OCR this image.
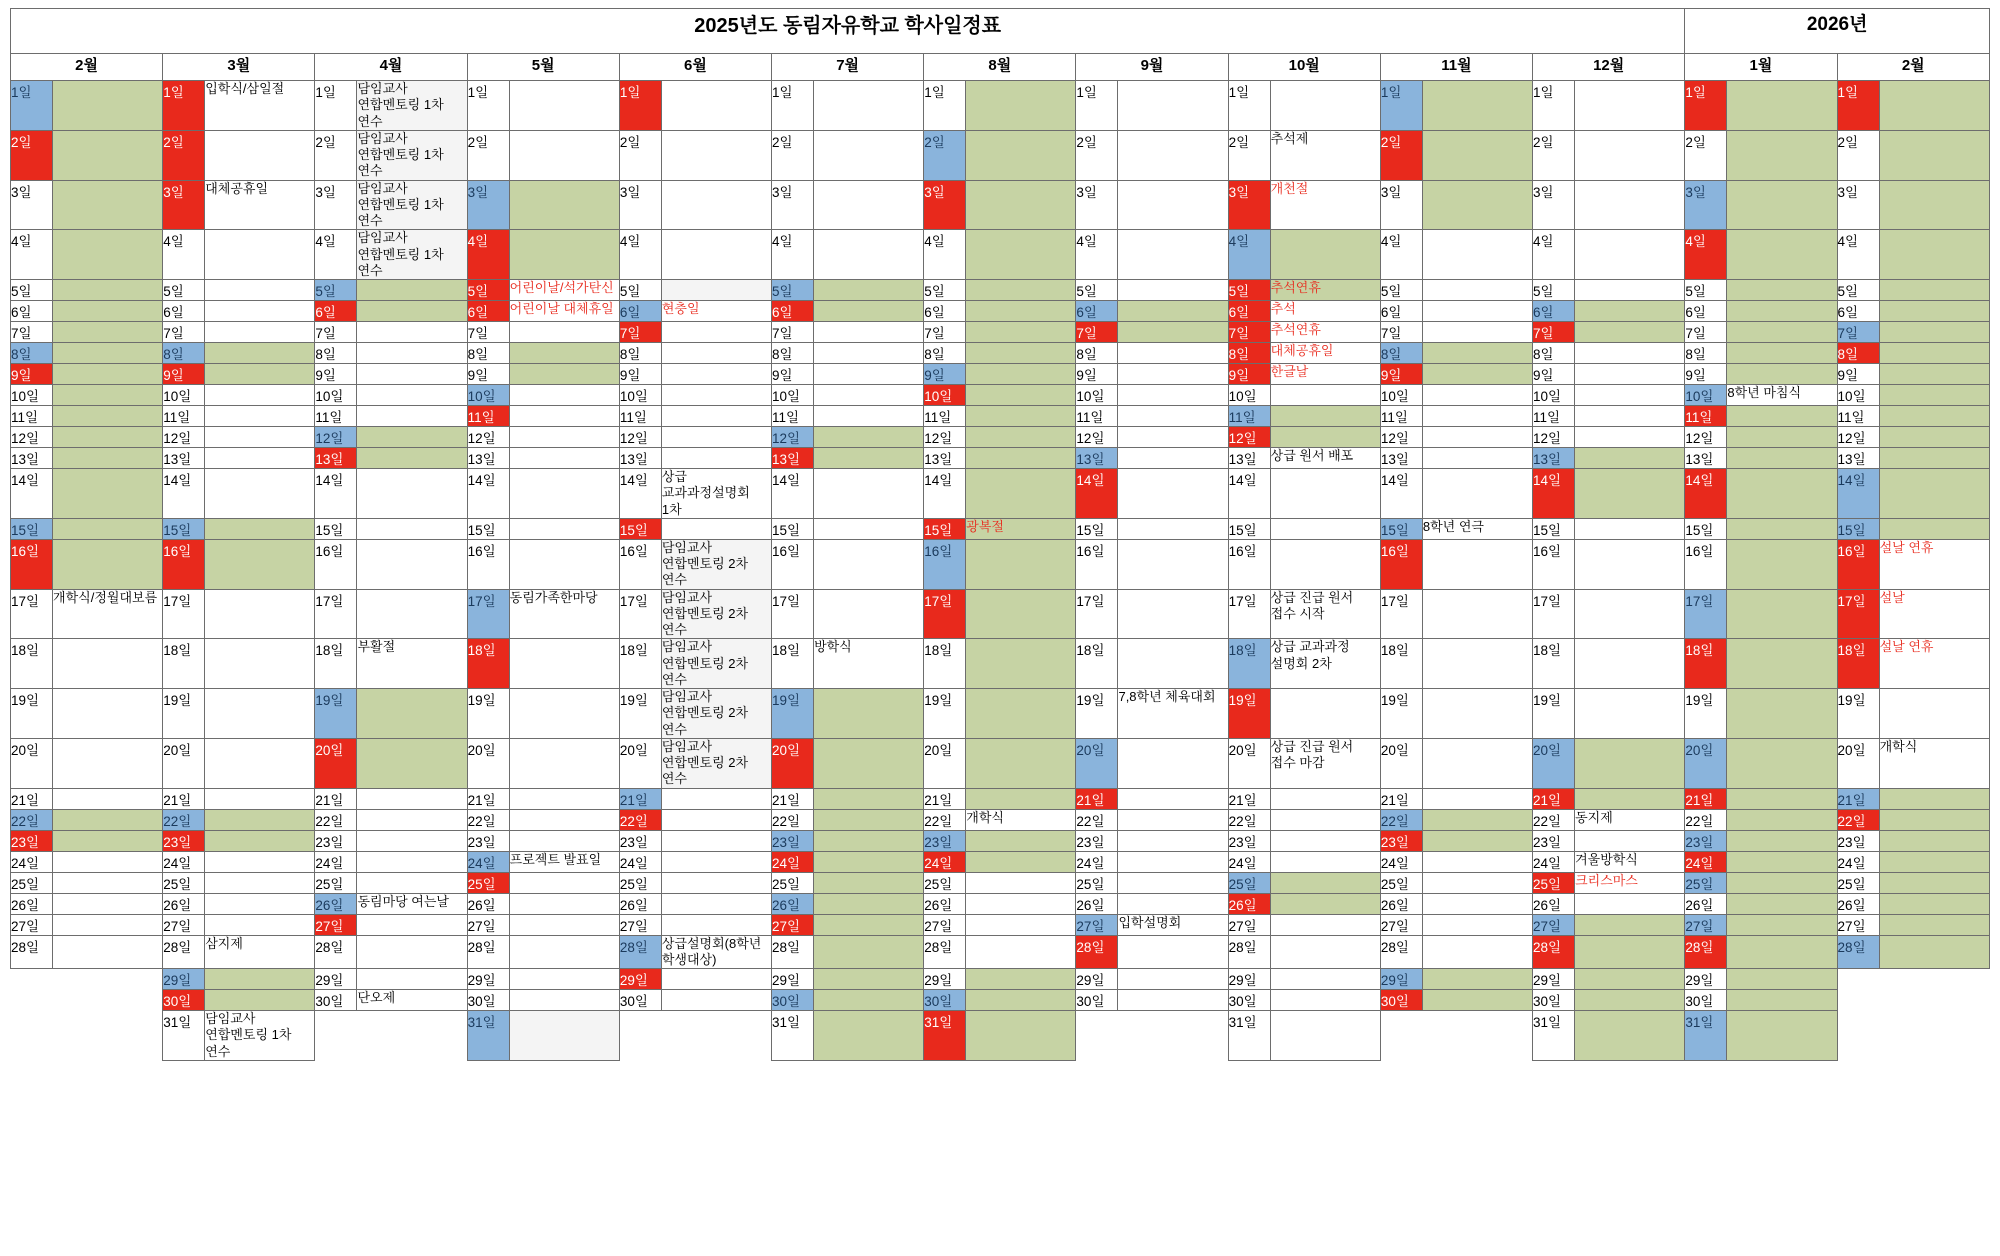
2025년도 동림자유학교 학사일정표																						2026년			
2월		3월		4월		5월		6월		7월		8월		9월		10월		11월		12월		1월		2월	
1일		1일	입학식/삼일절	1일	담임교사 연합멘토링 1차 연수	1일		1일		1일		1일		1일		1일		1일		1일		1일		1일	
2일		2일		2일	담임교사 연합멘토링 1차 연수	2일		2일		2일		2일		2일		2일	추석제	2일		2일		2일		2일	
3일		3일	대체공휴일	3일	담임교사 연합멘토링 1차 연수	3일		3일		3일		3일		3일		3일	개천절	3일		3일		3일		3일	
4일		4일		4일	담임교사 연합멘토링 1차 연수	4일		4일		4일		4일		4일		4일		4일		4일		4일		4일	
5일		5일		5일		5일	어린이날/석가탄신	5일		5일		5일		5일		5일	추석연휴	5일		5일		5일		5일	
6일		6일		6일		6일	어린이날 대체휴일	6일	현충일	6일		6일		6일		6일	추석	6일		6일		6일		6일	
7일		7일		7일		7일		7일		7일		7일		7일		7일	추석연휴	7일		7일		7일		7일	
8일		8일		8일		8일		8일		8일		8일		8일		8일	대체공휴일	8일		8일		8일		8일	
9일		9일		9일		9일		9일		9일		9일		9일		9일	한글날	9일		9일		9일		9일	
10일		10일		10일		10일		10일		10일		10일		10일		10일		10일		10일		10일	8학년 마침식	10일	
11일		11일		11일		11일		11일		11일		11일		11일		11일		11일		11일		11일		11일	
12일		12일		12일		12일		12일		12일		12일		12일		12일		12일		12일		12일		12일	
13일		13일		13일		13일		13일		13일		13일		13일		13일	상급 원서 배포	13일		13일		13일		13일	
14일		14일		14일		14일		14일	상급 교과과정설명회 1차	14일		14일		14일		14일		14일		14일		14일		14일	
15일		15일		15일		15일		15일		15일		15일	광복절	15일		15일		15일	8학년 연극	15일		15일		15일	
16일		16일		16일		16일		16일	담임교사 연합멘토링 2차 연수	16일		16일		16일		16일		16일		16일		16일		16일	설날 연휴
17일	개학식/정월대보름	17일		17일		17일	동림가족한마당	17일	담임교사 연합멘토링 2차 연수	17일		17일		17일		17일	상급 진급 원서 접수 시작	17일		17일		17일		17일	설날
18일		18일		18일	부활절	18일		18일	담임교사 연합멘토링 2차 연수	18일	방학식	18일		18일		18일	상급 교과과정 설명회 2차	18일		18일		18일		18일	설날 연휴
19일		19일		19일		19일		19일	담임교사 연합멘토링 2차 연수	19일		19일		19일	7,8학년 체육대회	19일		19일		19일		19일		19일	
20일		20일		20일		20일		20일	담임교사 연합멘토링 2차 연수	20일		20일		20일		20일	상급 진급 원서 접수 마감	20일		20일		20일		20일	개학식
21일		21일		21일		21일		21일		21일		21일		21일		21일		21일		21일		21일		21일	
22일		22일		22일		22일		22일		22일		22일	개학식	22일		22일		22일		22일	동지제	22일		22일	
23일		23일		23일		23일		23일		23일		23일		23일		23일		23일		23일		23일		23일	
24일		24일		24일		24일	프로젝트 발표일	24일		24일		24일		24일		24일		24일		24일	겨울방학식	24일		24일	
25일		25일		25일		25일		25일		25일		25일		25일		25일		25일		25일	크리스마스	25일		25일	
26일		26일		26일	동림마당 여는날	26일		26일		26일		26일		26일		26일		26일		26일		26일		26일	
27일		27일		27일		27일		27일		27일		27일		27일	입학설명회	27일		27일		27일		27일		27일	
28일		28일	삼지제	28일		28일		28일	상급설명회(8학년 학생대상)	28일		28일		28일		28일		28일		28일		28일		28일	
		29일		29일		29일		29일		29일		29일		29일		29일		29일		29일		29일			
		30일		30일	단오제	30일		30일		30일		30일		30일		30일		30일		30일		30일			
		31일	담임교사 연합멘토링 1차 연수			31일				31일		31일				31일				31일		31일			
